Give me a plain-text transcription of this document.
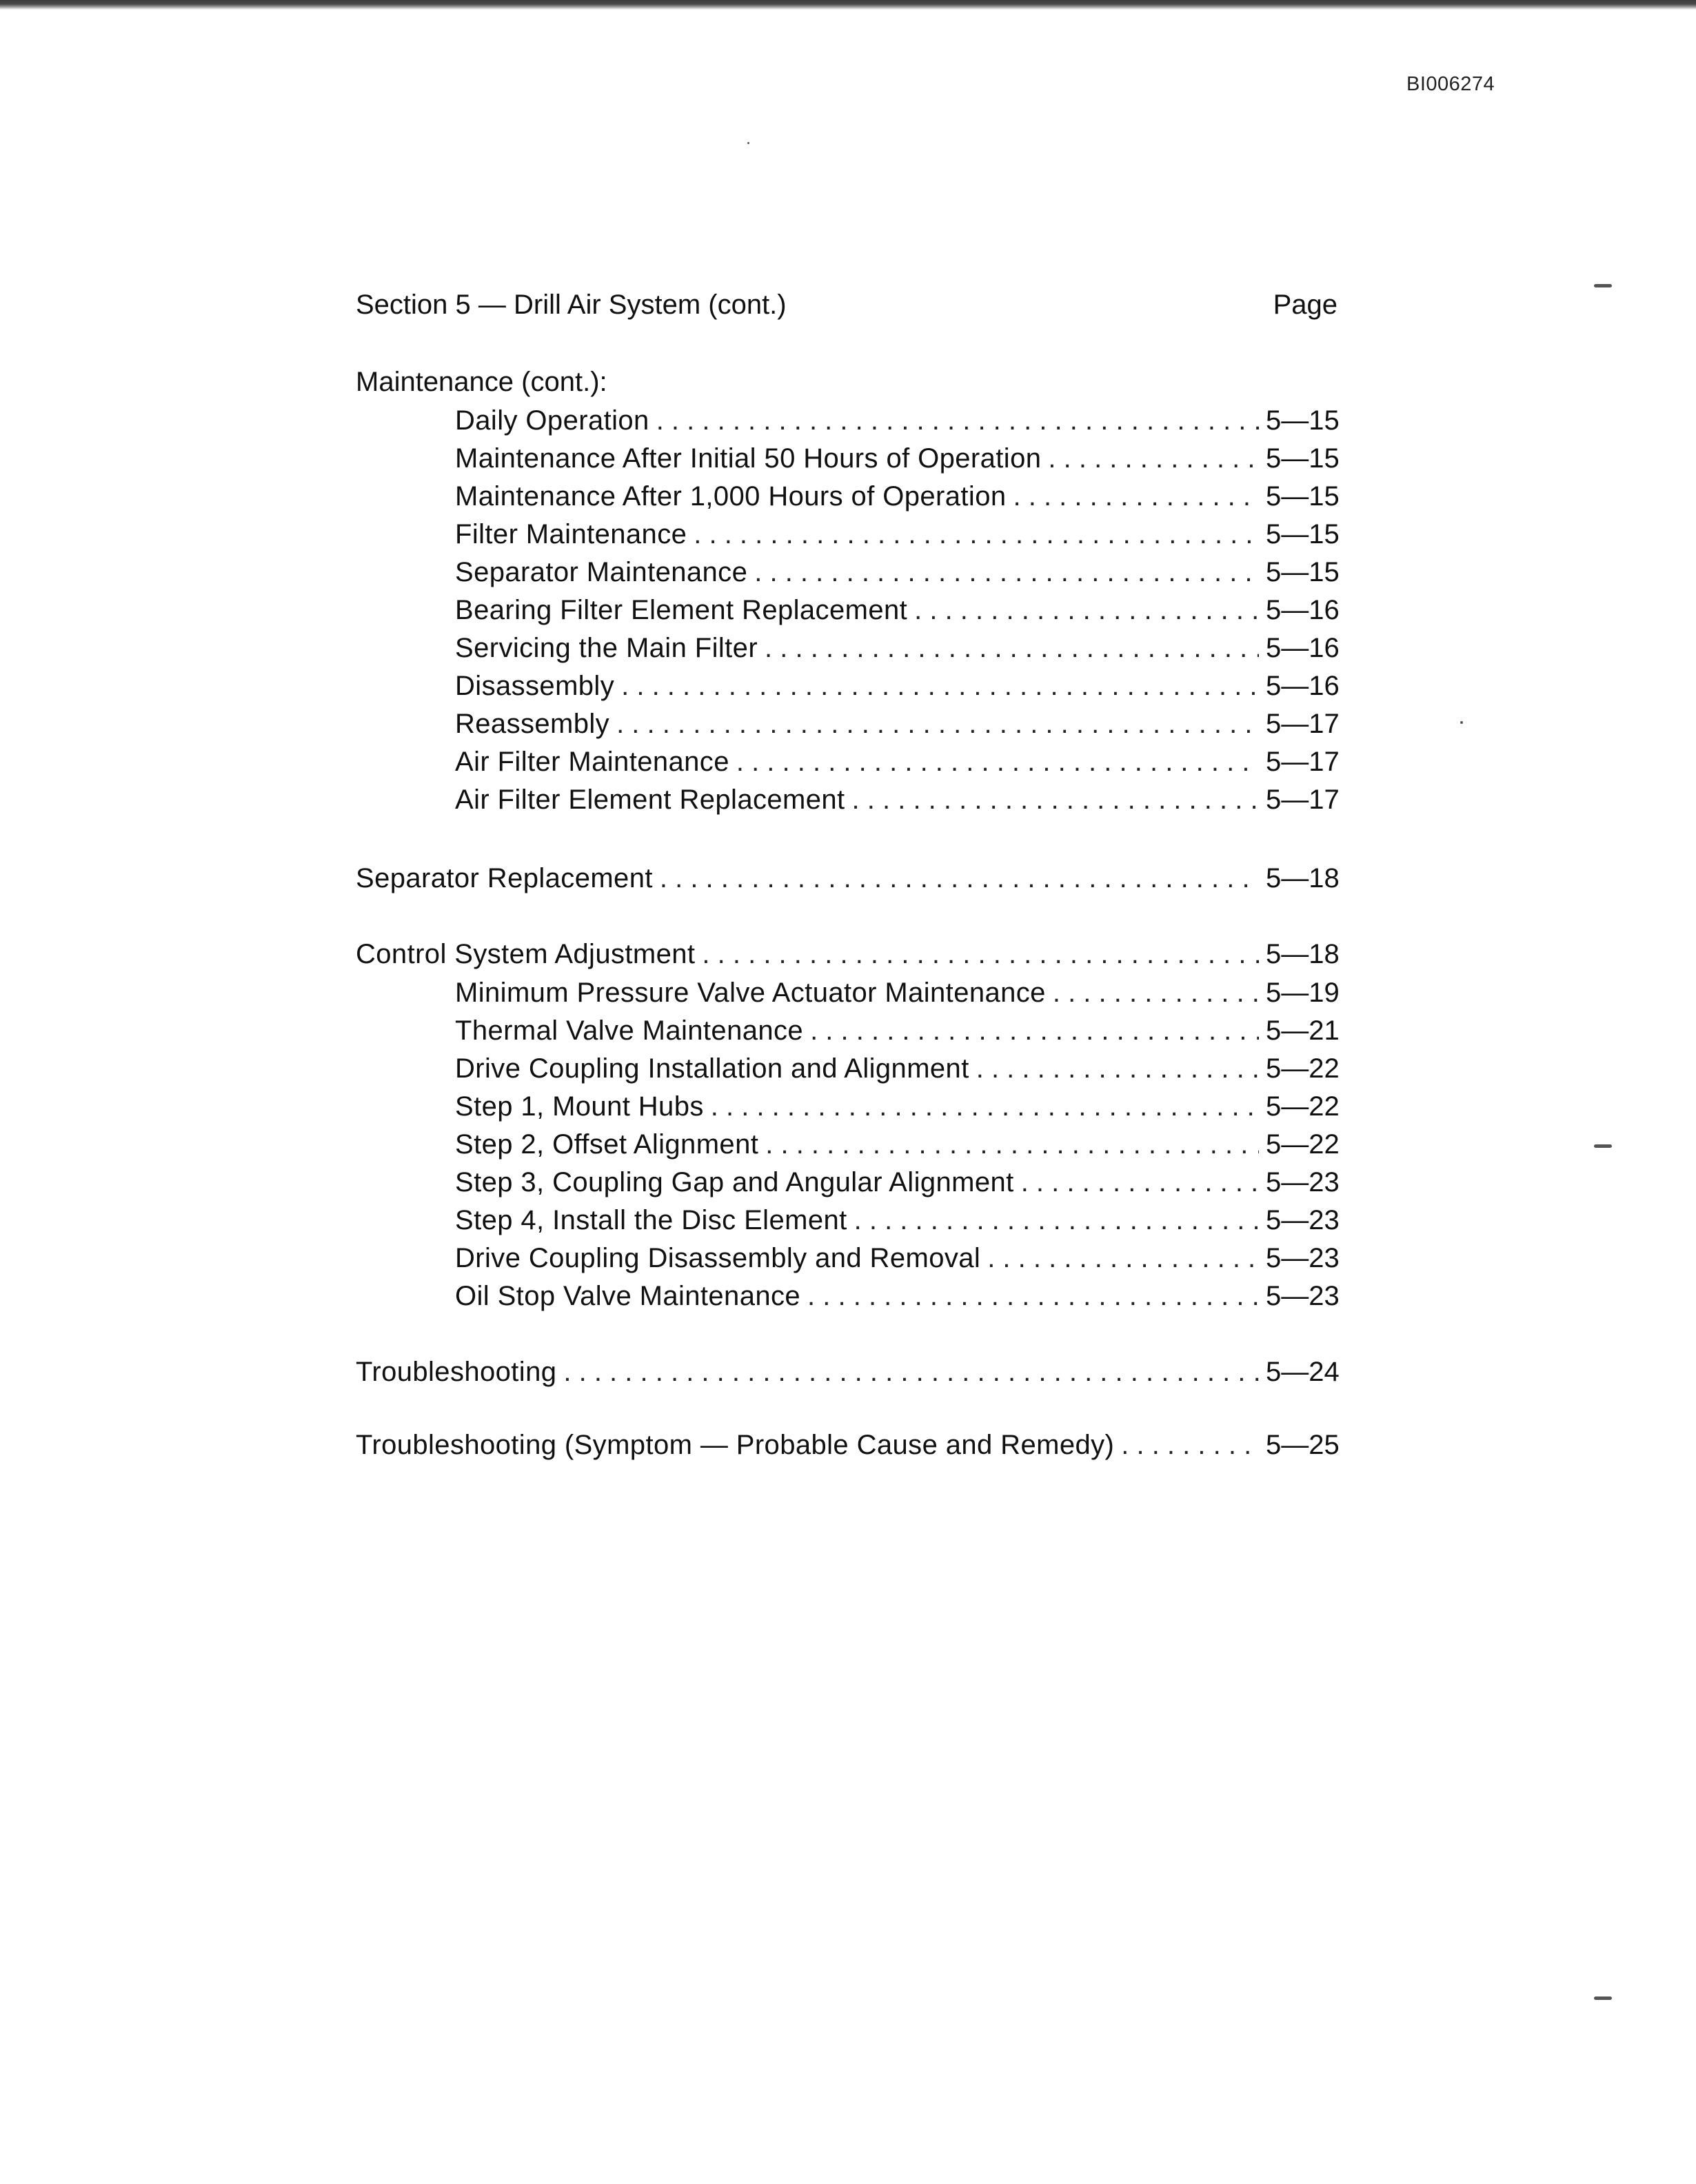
BI006274
Section 5 — Drill Air System (cont.)	Page
Maintenance (cont.):
Daily Operation . . .	5—15
Maintenance After Initial 50 Hours of Operation . . .	5—15
Maintenance After 1,000 Hours of Operation . . .	5—15
Filter Maintenance . . .	5—15
Separator Maintenance . . .	5—15
Bearing Filter Element Replacement . . .	5—16
Servicing the Main Filter . . .	5—16
Disassembly . . .	5—16
Reassembly . . .	5—17
Air Filter Maintenance . . .	5—17
Air Filter Element Replacement . . .	5—17
Separator Replacement . . .	5—18
Control System Adjustment . . .	5—18
Minimum Pressure Valve Actuator Maintenance . . .	5—19
Thermal Valve Maintenance . . .	5—21
Drive Coupling Installation and Alignment . . .	5—22
Step 1, Mount Hubs . . .	5—22
Step 2, Offset Alignment . . .	5—22
Step 3, Coupling Gap and Angular Alignment . . .	5—23
Step 4, Install the Disc Element . . .	5—23
Drive Coupling Disassembly and Removal . . .	5—23
Oil Stop Valve Maintenance . . .	5—23
Troubleshooting . . .	5—24
Troubleshooting (Symptom — Probable Cause and Remedy) . . .	5—25
